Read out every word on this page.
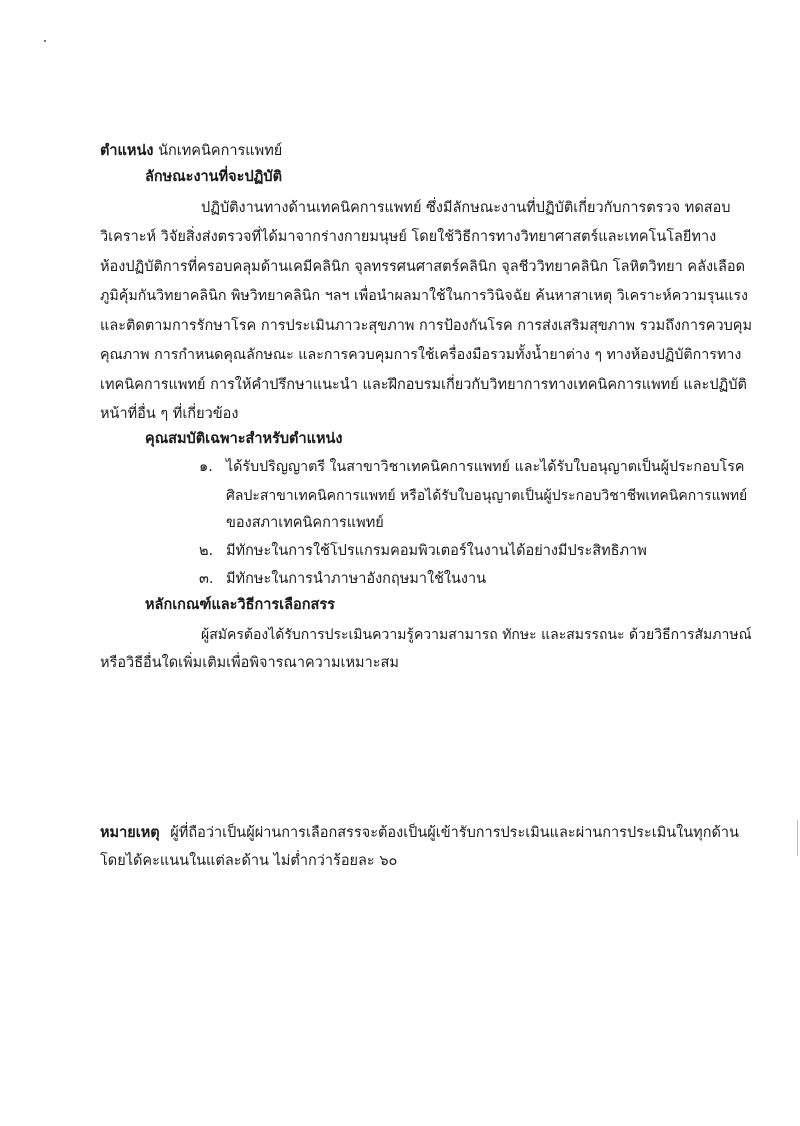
ตำแหน่ง นักเทคนิคการแพทย์
ลักษณะงานที่จะปฏิบัติ
ปฏิบัติงานทางด้านเทคนิคการแพทย์ ซึ่งมีลักษณะงานที่ปฏิบัติเกี่ยวกับการตรวจ ทดสอบ
วิเคราะห์ วิจัยสิ่งส่งตรวจที่ได้มาจากร่างกายมนุษย์ โดยใช้วิธีการทางวิทยาศาสตร์และเทคโนโลยีทาง
ห้องปฏิบัติการที่ครอบคลุมด้านเคมีคลินิก จุลทรรศนศาสตร์คลินิก จุลชีววิทยาคลินิก โลหิตวิทยา คลังเลือด
ภูมิคุ้มกันวิทยาคลินิก พิษวิทยาคลินิก ฯลฯ เพื่อนำผลมาใช้ในการวินิจฉัย ค้นหาสาเหตุ วิเคราะห์ความรุนแรง
และติดตามการรักษาโรค การประเมินภาวะสุขภาพ การป้องกันโรค การส่งเสริมสุขภาพ รวมถึงการควบคุม
คุณภาพ การกำหนดคุณลักษณะ และการควบคุมการใช้เครื่องมือรวมทั้งน้ำยาต่าง ๆ ทางห้องปฏิบัติการทาง
เทคนิคการแพทย์ การให้คำปรึกษาแนะนำ และฝึกอบรมเกี่ยวกับวิทยาการทางเทคนิคการแพทย์ และปฏิบัติ
หน้าที่อื่น ๆ ที่เกี่ยวข้อง
คุณสมบัติเฉพาะสำหรับตำแหน่ง
๑. ได้รับปริญญาตรี ในสาขาวิชาเทคนิคการแพทย์ และได้รับใบอนุญาตเป็นผู้ประกอบโรค
ศิลปะสาขาเทคนิคการแพทย์ หรือได้รับใบอนุญาตเป็นผู้ประกอบวิชาชีพเทคนิคการแพทย์
ของสภาเทคนิคการแพทย์
๒. มีทักษะในการใช้โปรแกรมคอมพิวเตอร์ในงานได้อย่างมีประสิทธิภาพ
๓. มีทักษะในการนำภาษาอังกฤษมาใช้ในงาน
หลักเกณฑ์และวิธีการเลือกสรร
ผู้สมัครต้องได้รับการประเมินความรู้ความสามารถ ทักษะ และสมรรถนะ ด้วยวิธีการสัมภาษณ์
หรือวิธีอื่นใดเพิ่มเติมเพื่อพิจารณาความเหมาะสม
หมายเหตุ ผู้ที่ถือว่าเป็นผู้ผ่านการเลือกสรรจะต้องเป็นผู้เข้ารับการประเมินและผ่านการประเมินในทุกด้าน
โดยได้คะแนนในแต่ละด้าน ไม่ต่ำกว่าร้อยละ ๖๐
